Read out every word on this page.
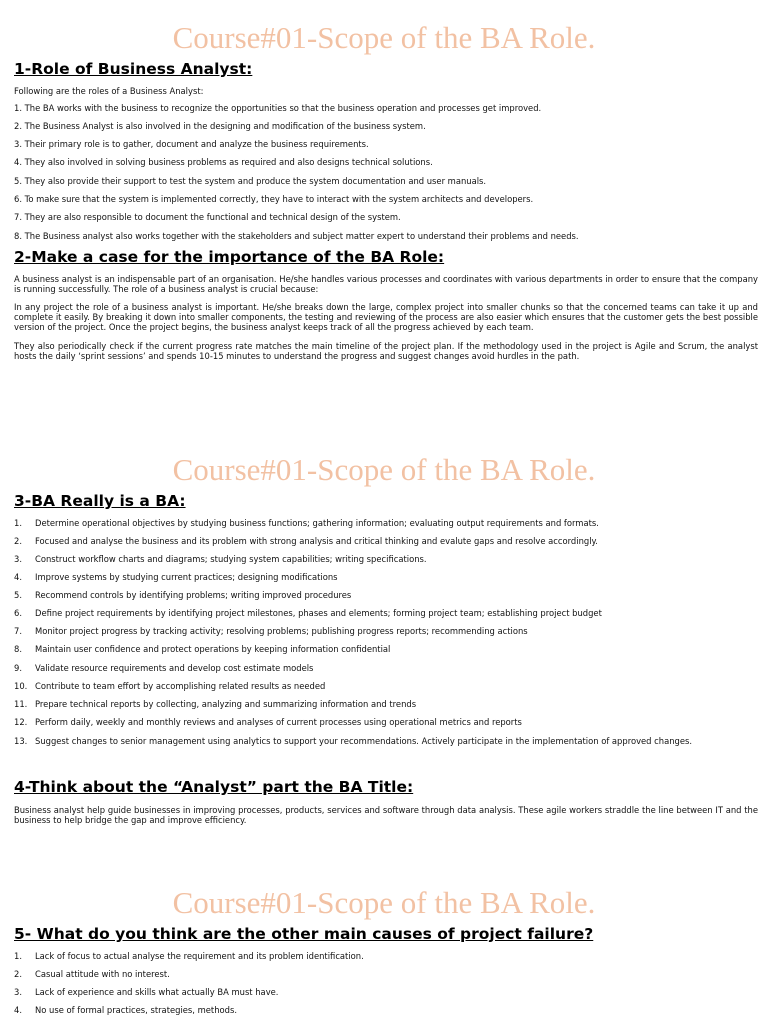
Course#01-Scope of the BA Role.
1-Role of Business Analyst:
Following are the roles of a Business Analyst:
1. The BA works with the business to recognize the opportunities so that the business operation and processes get improved.
2. The Business Analyst is also involved in the designing and modification of the business system.
3. Their primary role is to gather, document and analyze the business requirements.
4. They also involved in solving business problems as required and also designs technical solutions.
5. They also provide their support to test the system and produce the system documentation and user manuals.
6. To make sure that the system is implemented correctly, they have to interact with the system architects and developers.
7. They are also responsible to document the functional and technical design of the system.
8. The Business analyst also works together with the stakeholders and subject matter expert to understand their problems and needs.
2-Make a case for the importance of the BA Role:
A business analyst is an indispensable part of an organisation. He/she handles various processes and coordinates with various departments in order to ensure that the company is running successfully. The role of a business analyst is crucial because:
In any project the role of a business analyst is important. He/she breaks down the large, complex project into smaller chunks so that the concerned teams can take it up and complete it easily. By breaking it down into smaller components, the testing and reviewing of the process are also easier which ensures that the customer gets the best possible version of the project. Once the project begins, the business analyst keeps track of all the progress achieved by each team.
They also periodically check if the current progress rate matches the main timeline of the project plan. If the methodology used in the project is Agile and Scrum, the analyst hosts the daily ‘sprint sessions’ and spends 10-15 minutes to understand the progress and suggest changes avoid hurdles in the path.
Course#01-Scope of the BA Role.
3-BA Really is a BA:
1. Determine operational objectives by studying business functions; gathering information; evaluating output requirements and formats.
2. Focused and analyse the business and its problem with strong analysis and critical thinking and evalute gaps and resolve accordingly.
3. Construct workflow charts and diagrams; studying system capabilities; writing specifications.
4. Improve systems by studying current practices; designing modifications
5. Recommend controls by identifying problems; writing improved procedures
6. Define project requirements by identifying project milestones, phases and elements; forming project team; establishing project budget
7. Monitor project progress by tracking activity; resolving problems; publishing progress reports; recommending actions
8. Maintain user confidence and protect operations by keeping information confidential
9. Validate resource requirements and develop cost estimate models
10. Contribute to team effort by accomplishing related results as needed
11. Prepare technical reports by collecting, analyzing and summarizing information and trends
12. Perform daily, weekly and monthly reviews and analyses of current processes using operational metrics and reports
13. Suggest changes to senior management using analytics to support your recommendations. Actively participate in the implementation of approved changes.
4-Think about the “Analyst” part the BA Title:
Business analyst help guide businesses in improving processes, products, services and software through data analysis. These agile workers straddle the line between IT and the business to help bridge the gap and improve efficiency.
Course#01-Scope of the BA Role.
5- What do you think are the other main causes of project failure?
1. Lack of focus to actual analyse the requirement and its problem identification.
2. Casual attitude with no interest.
3. Lack of experience and skills what actually BA must have.
4. No use of formal practices, strategies, methods.
